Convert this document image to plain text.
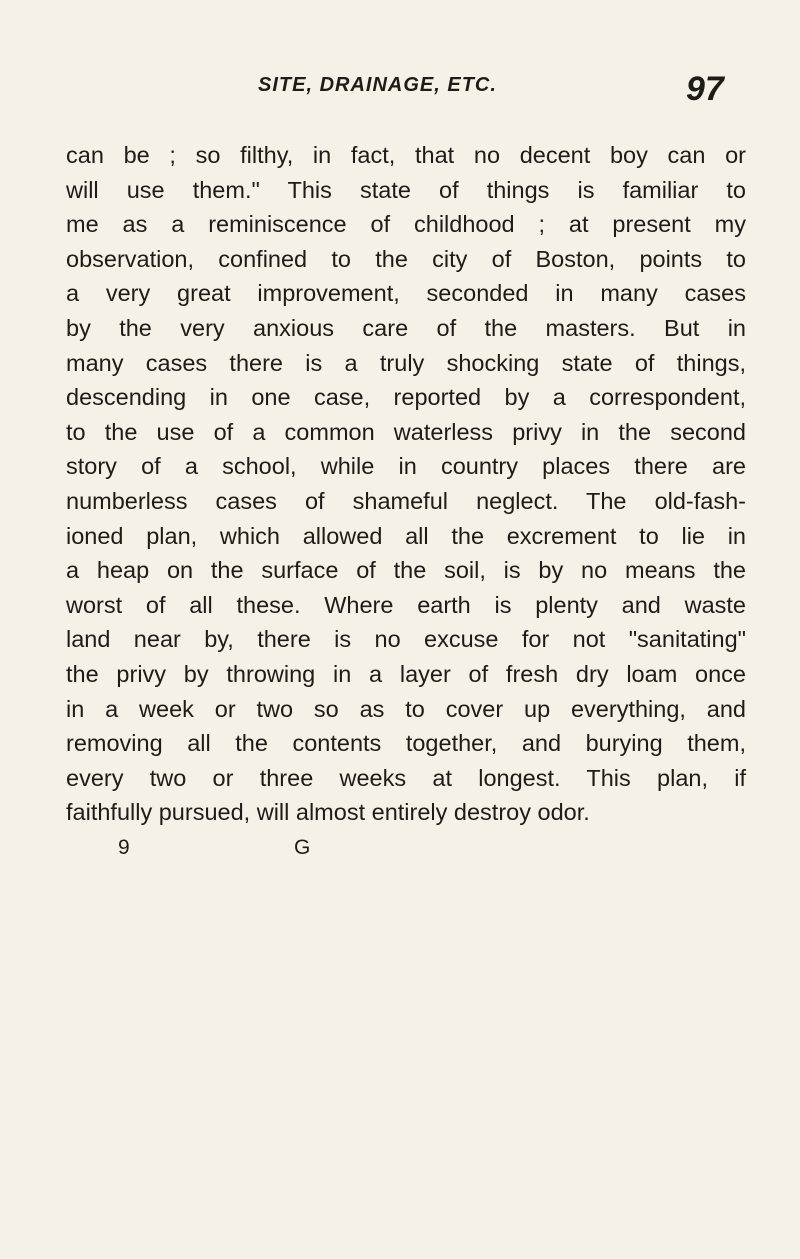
SITE, DRAINAGE, ETC.	97
can be ; so filthy, in fact, that no decent boy can or
will use them." This state of things is familiar to
me as a reminiscence of childhood ; at present my
observation, confined to the city of Boston, points to
a very great improvement, seconded in many cases
by the very anxious care of the masters. But in
many cases there is a truly shocking state of things,
descending in one case, reported by a correspondent,
to the use of a common waterless privy in the second
story of a school, while in country places there are
numberless cases of shameful neglect. The old-fash-
ioned plan, which allowed all the excrement to lie in
a heap on the surface of the soil, is by no means the
worst of all these. Where earth is plenty and waste
land near by, there is no excuse for not "sanitating"
the privy by throwing in a layer of fresh dry loam once
in a week or two so as to cover up everything, and
removing all the contents together, and burying them,
every two or three weeks at longest. This plan, if
faithfully pursued, will almost entirely destroy odor.
9	G
